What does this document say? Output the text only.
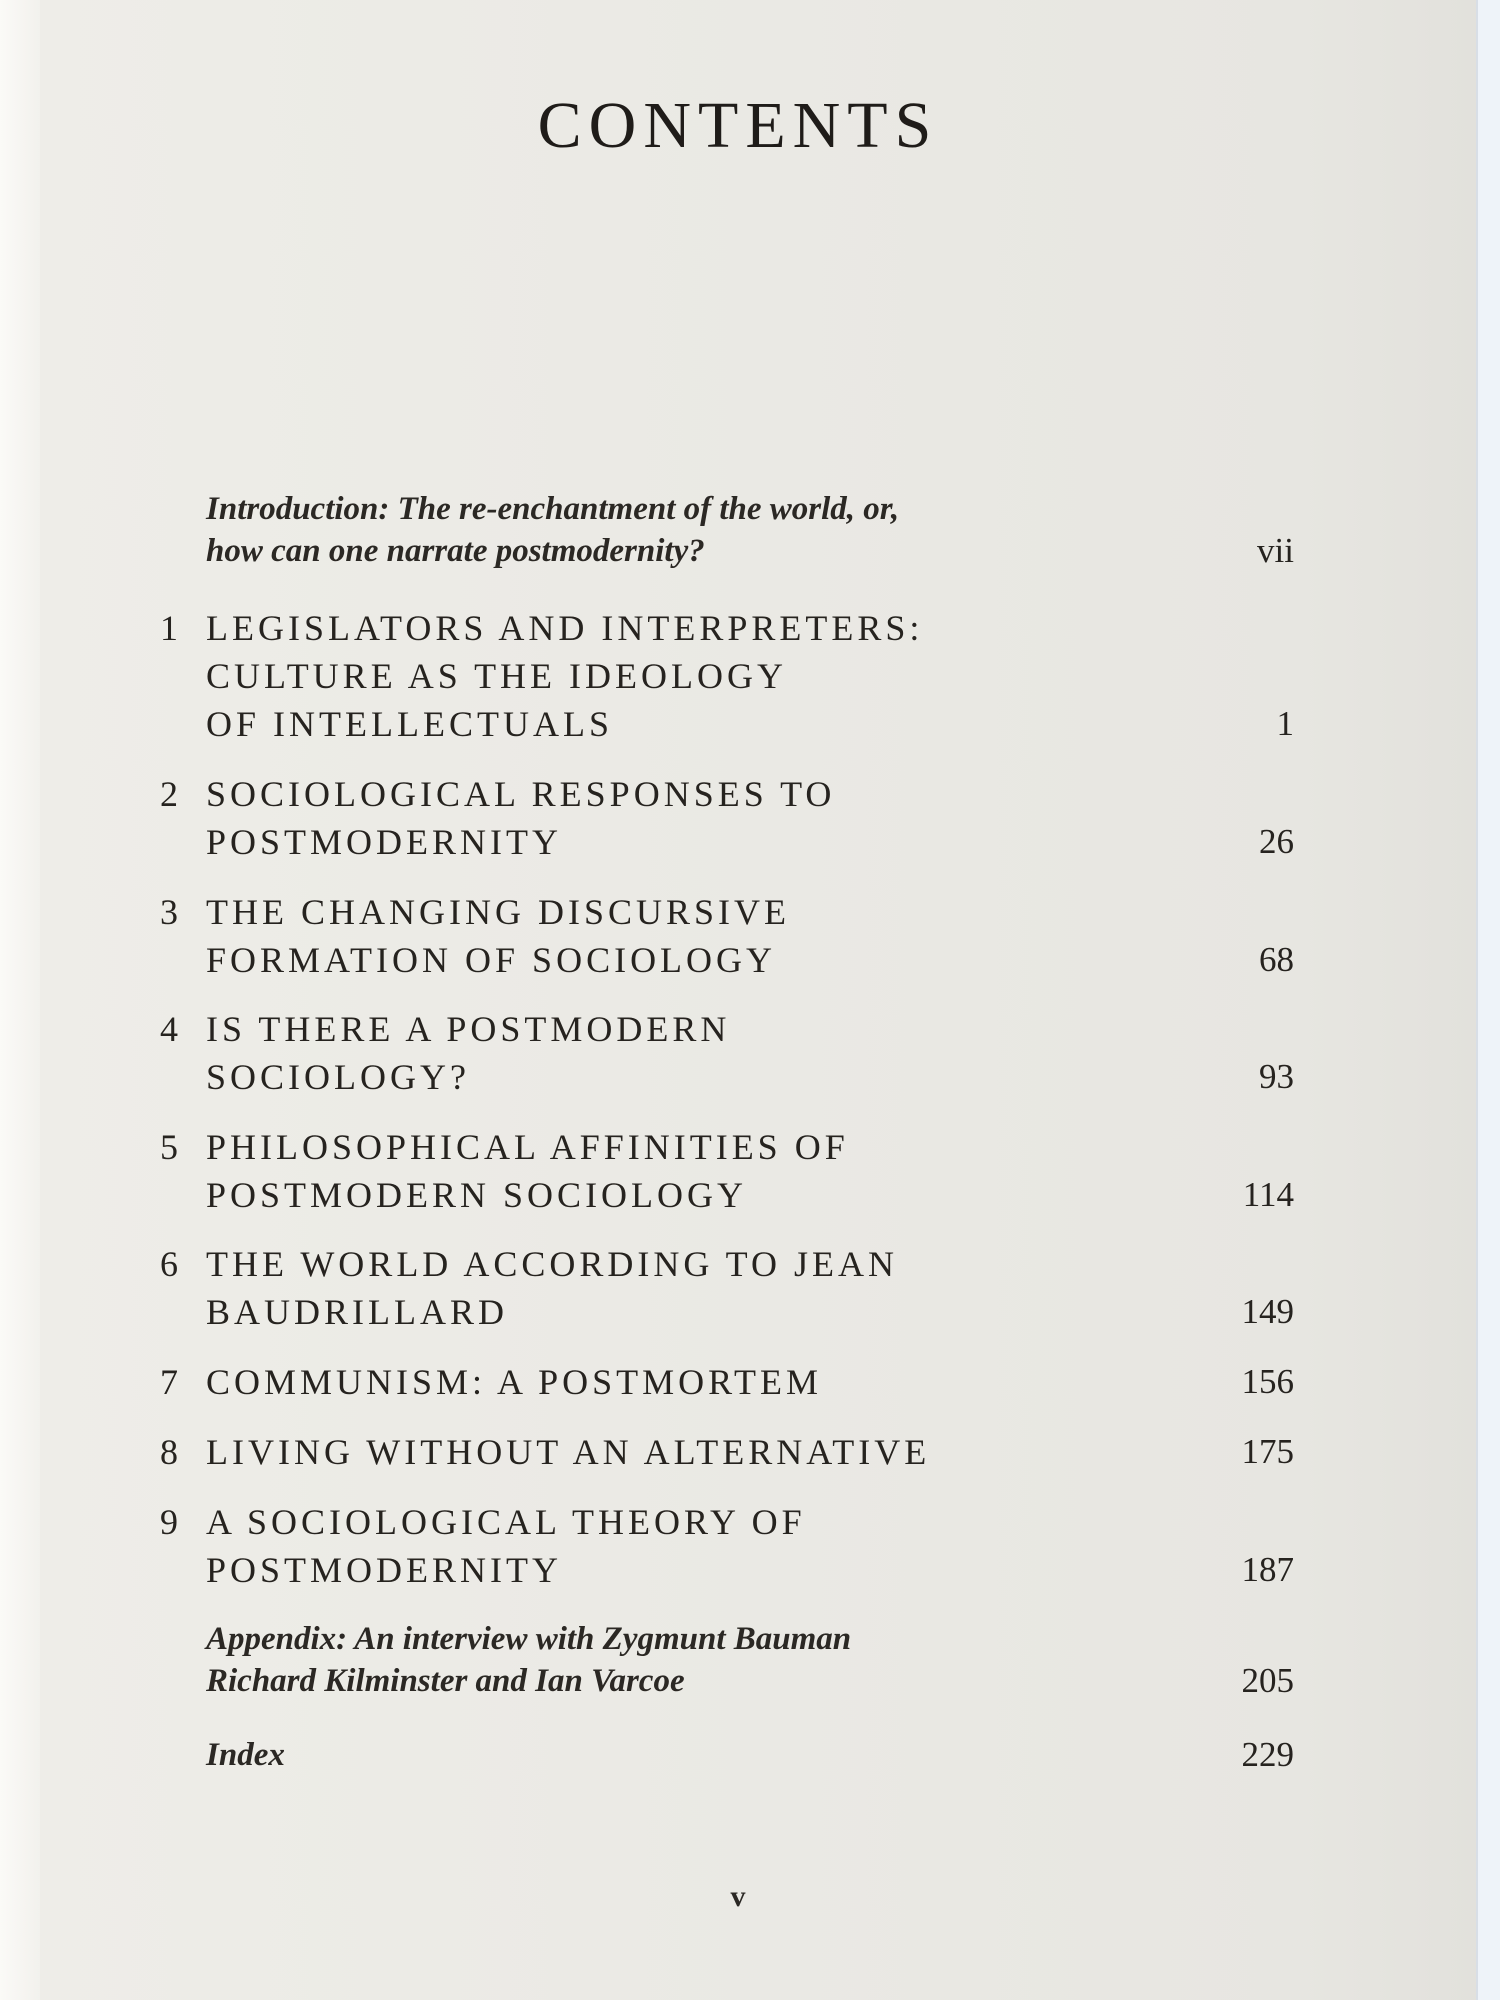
CONTENTS
Introduction: The re-enchantment of the world, or,
how can one narrate postmodernity?	vii
1 LEGISLATORS AND INTERPRETERS:
CULTURE AS THE IDEOLOGY
OF INTELLECTUALS	1
2 SOCIOLOGICAL RESPONSES TO
POSTMODERNITY	26
3 THE CHANGING DISCURSIVE
FORMATION OF SOCIOLOGY	68
4 IS THERE A POSTMODERN
SOCIOLOGY?	93
5 PHILOSOPHICAL AFFINITIES OF
POSTMODERN SOCIOLOGY	114
6 THE WORLD ACCORDING TO JEAN
BAUDRILLARD	149
7 COMMUNISM: A POSTMORTEM	156
8 LIVING WITHOUT AN ALTERNATIVE	175
9 A SOCIOLOGICAL THEORY OF
POSTMODERNITY	187
Appendix: An interview with Zygmunt Bauman
Richard Kilminster and Ian Varcoe	205
Index	229
v
